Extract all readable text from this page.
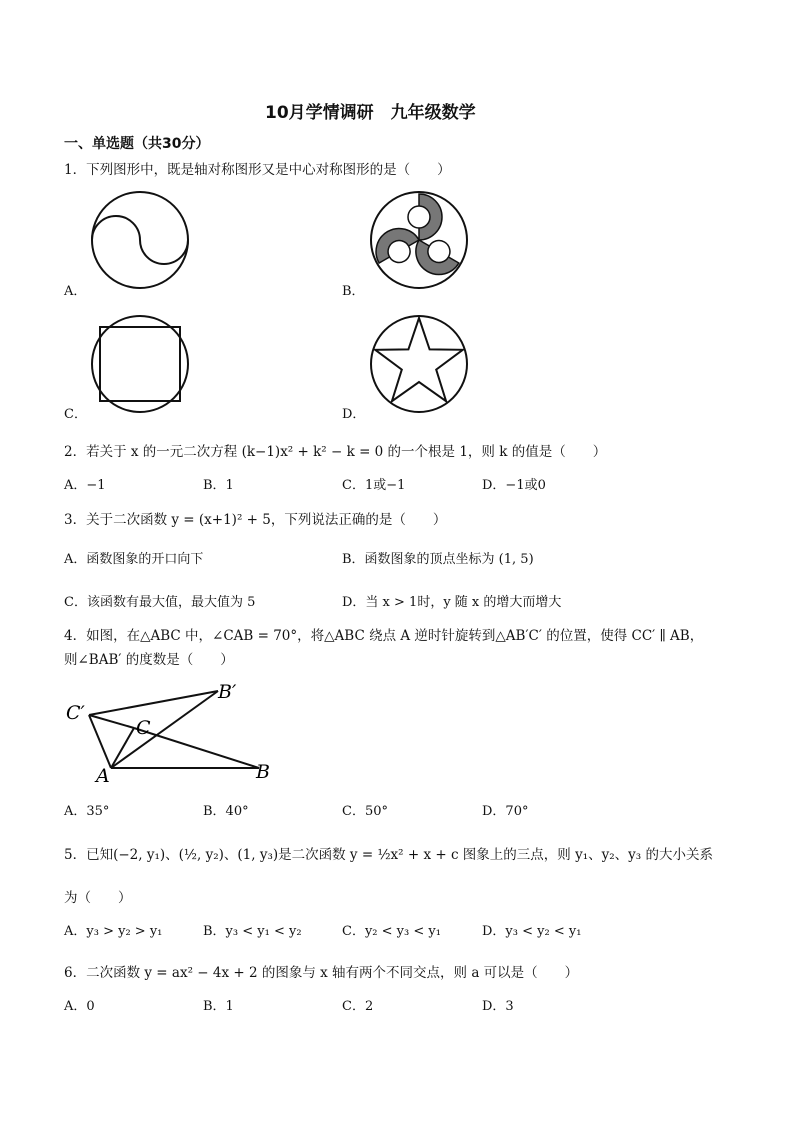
10月学情调研　九年级数学
一、单选题（共30分）
1．下列图形中，既是轴对称图形又是中心对称图形的是（　　）
A．	B．
C．	D．
2．若关于 x 的一元二次方程 (k−1)x² + k² − k = 0 的一个根是 1，则 k 的值是（　　）
A．−1	B．1	C．1或−1	D．−1或0
3．关于二次函数 y = (x+1)² + 5，下列说法正确的是（　　）
A．函数图象的开口向下	B．函数图象的顶点坐标为 (1, 5)
C．该函数有最大值，最大值为 5	D．当 x > 1时，y 随 x 的增大而增大
4．如图，在△ABC 中，∠CAB = 70°，将△ABC 绕点 A 逆时针旋转到△AB′C′ 的位置，使得 CC′ ∥ AB，
则∠BAB′ 的度数是（　　）
C′
C
B′
A	B
A．35°	B．40°	C．50°	D．70°
5．已知(−2, y₁)、(½, y₂)、(1, y₃)是二次函数 y = ½x² + x + c 图象上的三点，则 y₁、y₂、y₃ 的大小关系
为（　　）
A．y₃ > y₂ > y₁	B．y₃ < y₁ < y₂	C．y₂ < y₃ < y₁	D．y₃ < y₂ < y₁
6．二次函数 y = ax² − 4x + 2 的图象与 x 轴有两个不同交点，则 a 可以是（　　）
A．0	B．1	C．2	D．3
